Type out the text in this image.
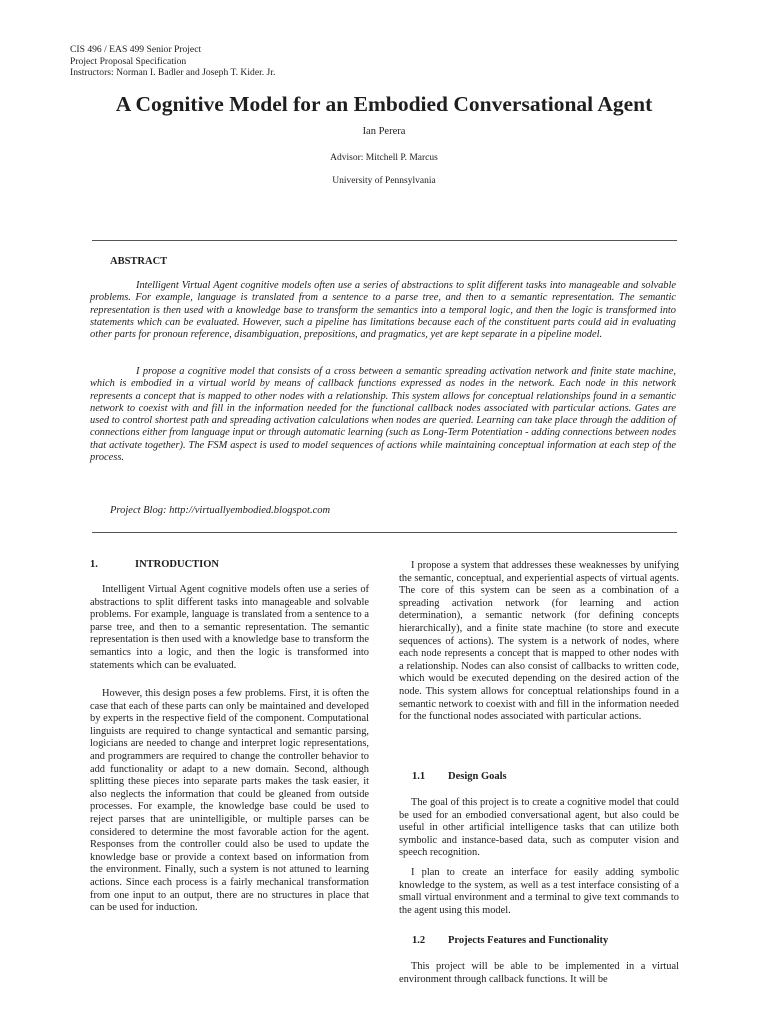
CIS 496 / EAS 499 Senior Project
Project Proposal Specification
Instructors: Norman I. Badler and Joseph T. Kider. Jr.
A Cognitive Model for an Embodied Conversational Agent
Ian Perera
Advisor: Mitchell P. Marcus
University of Pennsylvania
ABSTRACT

Intelligent Virtual Agent cognitive models often use a series of abstractions to split different tasks into manageable and solvable problems. For example, language is translated from a sentence to a parse tree, and then to a semantic representation. The semantic representation is then used with a knowledge base to transform the semantics into a temporal logic, and then the logic is transformed into statements which can be evaluated. However, such a pipeline has limitations because each of the constituent parts could aid in evaluating other parts for pronoun reference, disambiguation, prepositions, and pragmatics, yet are kept separate in a pipeline model.

I propose a cognitive model that consists of a cross between a semantic spreading activation network and finite state machine, which is embodied in a virtual world by means of callback functions expressed as nodes in the network. Each node in this network represents a concept that is mapped to other nodes with a relationship. This system allows for conceptual relationships found in a semantic network to coexist with and fill in the information needed for the functional callback nodes associated with particular actions. Gates are used to control shortest path and spreading activation calculations when nodes are queried. Learning can take place through the addition of connections either from language input or through automatic learning (such as Long-Term Potentiation - adding connections between nodes that activate together). The FSM aspect is used to model sequences of actions while maintaining conceptual information at each step of the process.

Project Blog: http://virtuallyembodied.blogspot.com
1.	INTRODUCTION

Intelligent Virtual Agent cognitive models often use a series of abstractions to split different tasks into manageable and solvable problems. For example, language is translated from a sentence to a parse tree, and then to a semantic representation. The semantic representation is then used with a knowledge base to transform the semantics into a logic, and then the logic is transformed into statements which can be evaluated.

However, this design poses a few problems. First, it is often the case that each of these parts can only be maintained and developed by experts in the respective field of the component. Computational linguists are required to change syntactical and semantic parsing, logicians are needed to change and interpret logic representations, and programmers are required to change the controller behavior to add functionality or adapt to a new domain. Second, although splitting these pieces into separate parts makes the task easier, it also neglects the information that could be gleaned from outside processes. For example, the knowledge base could be used to reject parses that are unintelligible, or multiple parses can be considered to determine the most favorable action for the agent. Responses from the controller could also be used to update the knowledge base or provide a context based on information from the environment. Finally, such a system is not attuned to learning actions. Since each process is a fairly mechanical transformation from one input to an output, there are no structures in place that can be used for induction.

I propose a system that addresses these weaknesses by unifying the semantic, conceptual, and experiential aspects of virtual agents. The core of this system can be seen as a combination of a spreading activation network (for learning and action determination), a semantic network (for defining concepts hierarchically), and a finite state machine (to store and execute sequences of actions). The system is a network of nodes, where each node represents a concept that is mapped to other nodes with a relationship. Nodes can also consist of callbacks to written code, which would be executed depending on the desired action of the node. This system allows for conceptual relationships found in a semantic network to coexist with and fill in the information needed for the functional nodes associated with particular actions.

1.1 Design Goals

The goal of this project is to create a cognitive model that could be used for an embodied conversational agent, but also could be useful in other artificial intelligence tasks that can utilize both symbolic and instance-based data, such as computer vision and speech recognition.

I plan to create an interface for easily adding symbolic knowledge to the system, as well as a test interface consisting of a small virtual environment and a terminal to give text commands to the agent using this model.

1.2 Projects Features and Functionality

This project will be able to be implemented in a virtual environment through callback functions. It will be
